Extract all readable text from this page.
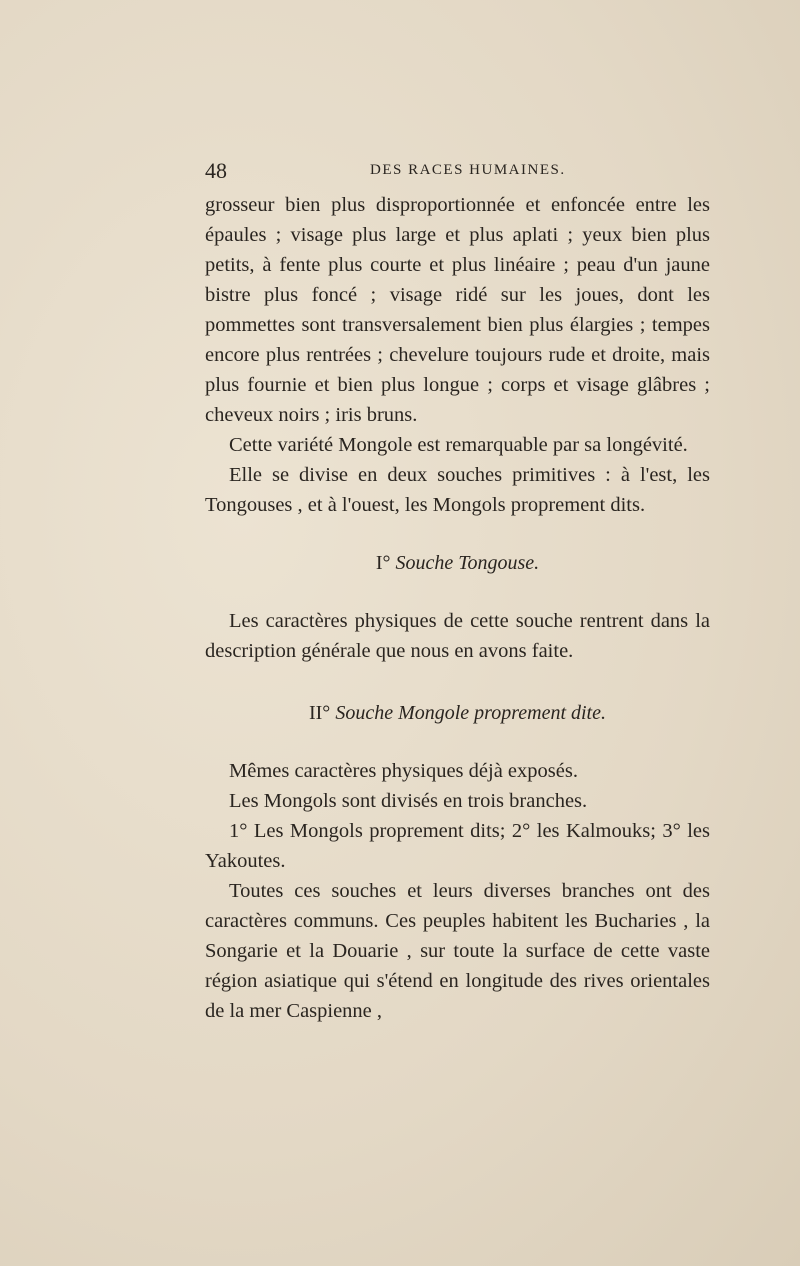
48	DES RACES HUMAINES.

grosseur bien plus disproportionnée et enfoncée entre les épaules ; visage plus large et plus aplati ; yeux bien plus petits, à fente plus courte et plus linéaire ; peau d'un jaune bistre plus foncé ; visage ridé sur les joues, dont les pommettes sont transversalement bien plus élargies ; tempes encore plus rentrées ; chevelure toujours rude et droite, mais plus fournie et bien plus longue ; corps et visage glâbres ; cheveux noirs ; iris bruns.

Cette variété Mongole est remarquable par sa longévité.

Elle se divise en deux souches primitives : à l'est, les Tongouses , et à l'ouest, les Mongols proprement dits.

I° Souche Tongouse.

Les caractères physiques de cette souche rentrent dans la description générale que nous en avons faite.

II° Souche Mongole proprement dite.

Mêmes caractères physiques déjà exposés.

Les Mongols sont divisés en trois branches.

1° Les Mongols proprement dits; 2° les Kalmouks; 3° les Yakoutes.

Toutes ces souches et leurs diverses branches ont des caractères communs. Ces peuples habitent les Bucharies , la Songarie et la Douarie , sur toute la surface de cette vaste région asiatique qui s'étend en longitude des rives orientales de la mer Caspienne ,
